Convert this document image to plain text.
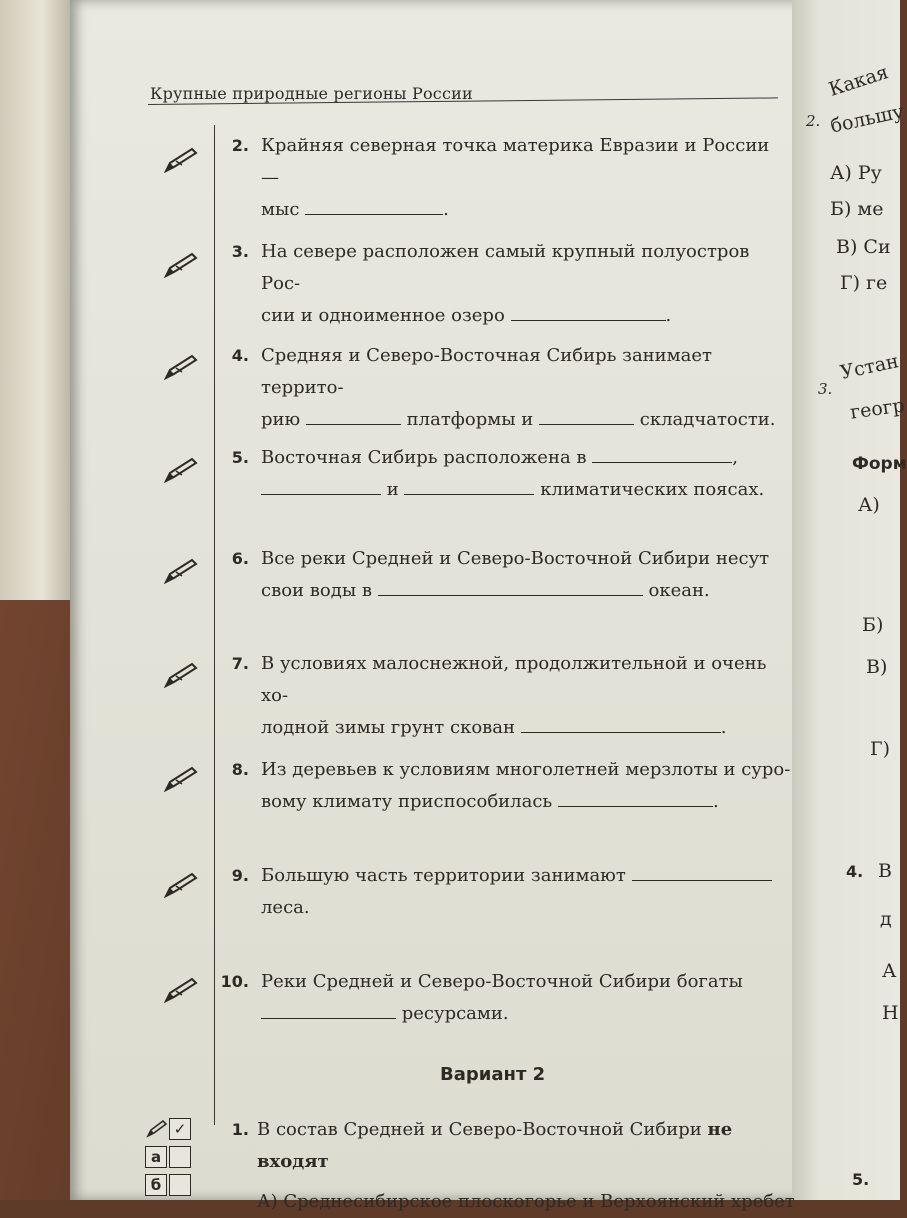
Крупные природные регионы России
2. Крайняя северная точка материка Евразии и России —
мыс	.
3. На севере расположен самый крупный полуостров Рос-
сии и одноименное озеро	.
4. Средняя и Северо-Восточная Сибирь занимает террито-
рию	платформы и	складчатости.
5. Восточная Сибирь расположена в	,
и	климатических поясах.
6. Все реки Средней и Северо-Восточной Сибири несут
свои воды в	океан.
7. В условиях малоснежной, продолжительной и очень хо-
лодной зимы грунт скован	.
8. Из деревьев к условиям многолетней мерзлоты и суро-
вому климату приспособилась	.
9. Большую часть территории занимают
леса.
10. Реки Средней и Северо-Восточной Сибири богаты
ресурсами.
Вариант 2
✓
а
б
1. В состав Средней и Северо-Восточной Сибири не входят
А) Среднесибирское плоскогорье и Верхоянский хребет
2.
Какая
большу
А) Ру
Б) ме
В) Си
Г) ге
3.
Устан
геогр
Форм
А)
Б)
В)
Г)
4. В
д
А
Н
5.
